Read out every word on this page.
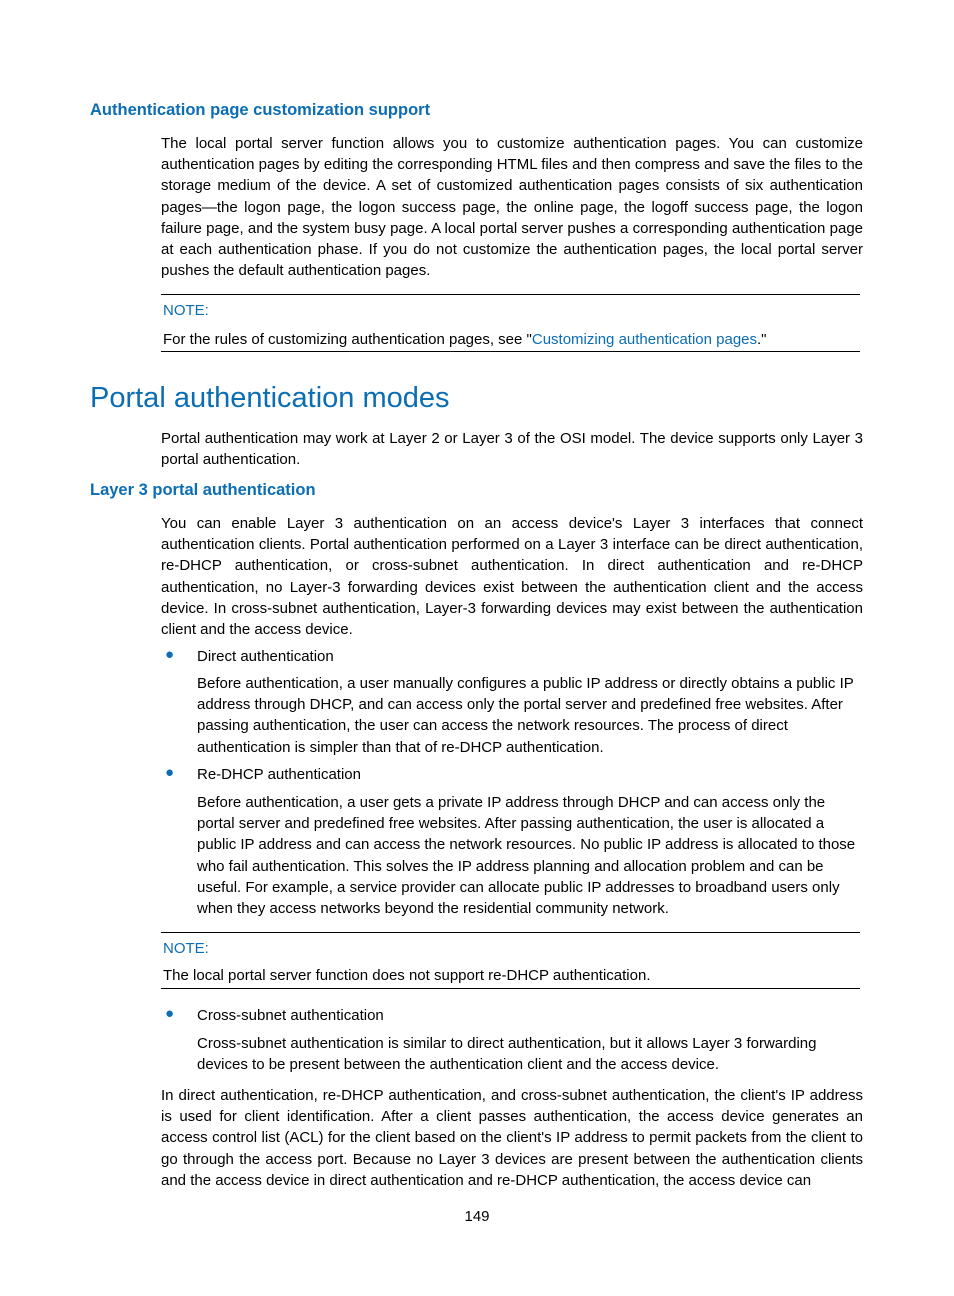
Authentication page customization support
The local portal server function allows you to customize authentication pages. You can customize authentication pages by editing the corresponding HTML files and then compress and save the files to the storage medium of the device. A set of customized authentication pages consists of six authentication pages—the logon page, the logon success page, the online page, the logoff success page, the logon failure page, and the system busy page. A local portal server pushes a corresponding authentication page at each authentication phase. If you do not customize the authentication pages, the local portal server pushes the default authentication pages.
NOTE:
For the rules of customizing authentication pages, see "Customizing authentication pages."
Portal authentication modes
Portal authentication may work at Layer 2 or Layer 3 of the OSI model. The device supports only Layer 3 portal authentication.
Layer 3 portal authentication
You can enable Layer 3 authentication on an access device's Layer 3 interfaces that connect authentication clients. Portal authentication performed on a Layer 3 interface can be direct authentication, re-DHCP authentication, or cross-subnet authentication. In direct authentication and re-DHCP authentication, no Layer-3 forwarding devices exist between the authentication client and the access device. In cross-subnet authentication, Layer-3 forwarding devices may exist between the authentication client and the access device.
● Direct authentication
Before authentication, a user manually configures a public IP address or directly obtains a public IP address through DHCP, and can access only the portal server and predefined free websites. After passing authentication, the user can access the network resources. The process of direct authentication is simpler than that of re-DHCP authentication.
● Re-DHCP authentication
Before authentication, a user gets a private IP address through DHCP and can access only the portal server and predefined free websites. After passing authentication, the user is allocated a public IP address and can access the network resources. No public IP address is allocated to those who fail authentication. This solves the IP address planning and allocation problem and can be useful. For example, a service provider can allocate public IP addresses to broadband users only when they access networks beyond the residential community network.
NOTE:
The local portal server function does not support re-DHCP authentication.
● Cross-subnet authentication
Cross-subnet authentication is similar to direct authentication, but it allows Layer 3 forwarding devices to be present between the authentication client and the access device.
In direct authentication, re-DHCP authentication, and cross-subnet authentication, the client's IP address is used for client identification. After a client passes authentication, the access device generates an access control list (ACL) for the client based on the client's IP address to permit packets from the client to go through the access port. Because no Layer 3 devices are present between the authentication clients and the access device in direct authentication and re-DHCP authentication, the access device can
149
